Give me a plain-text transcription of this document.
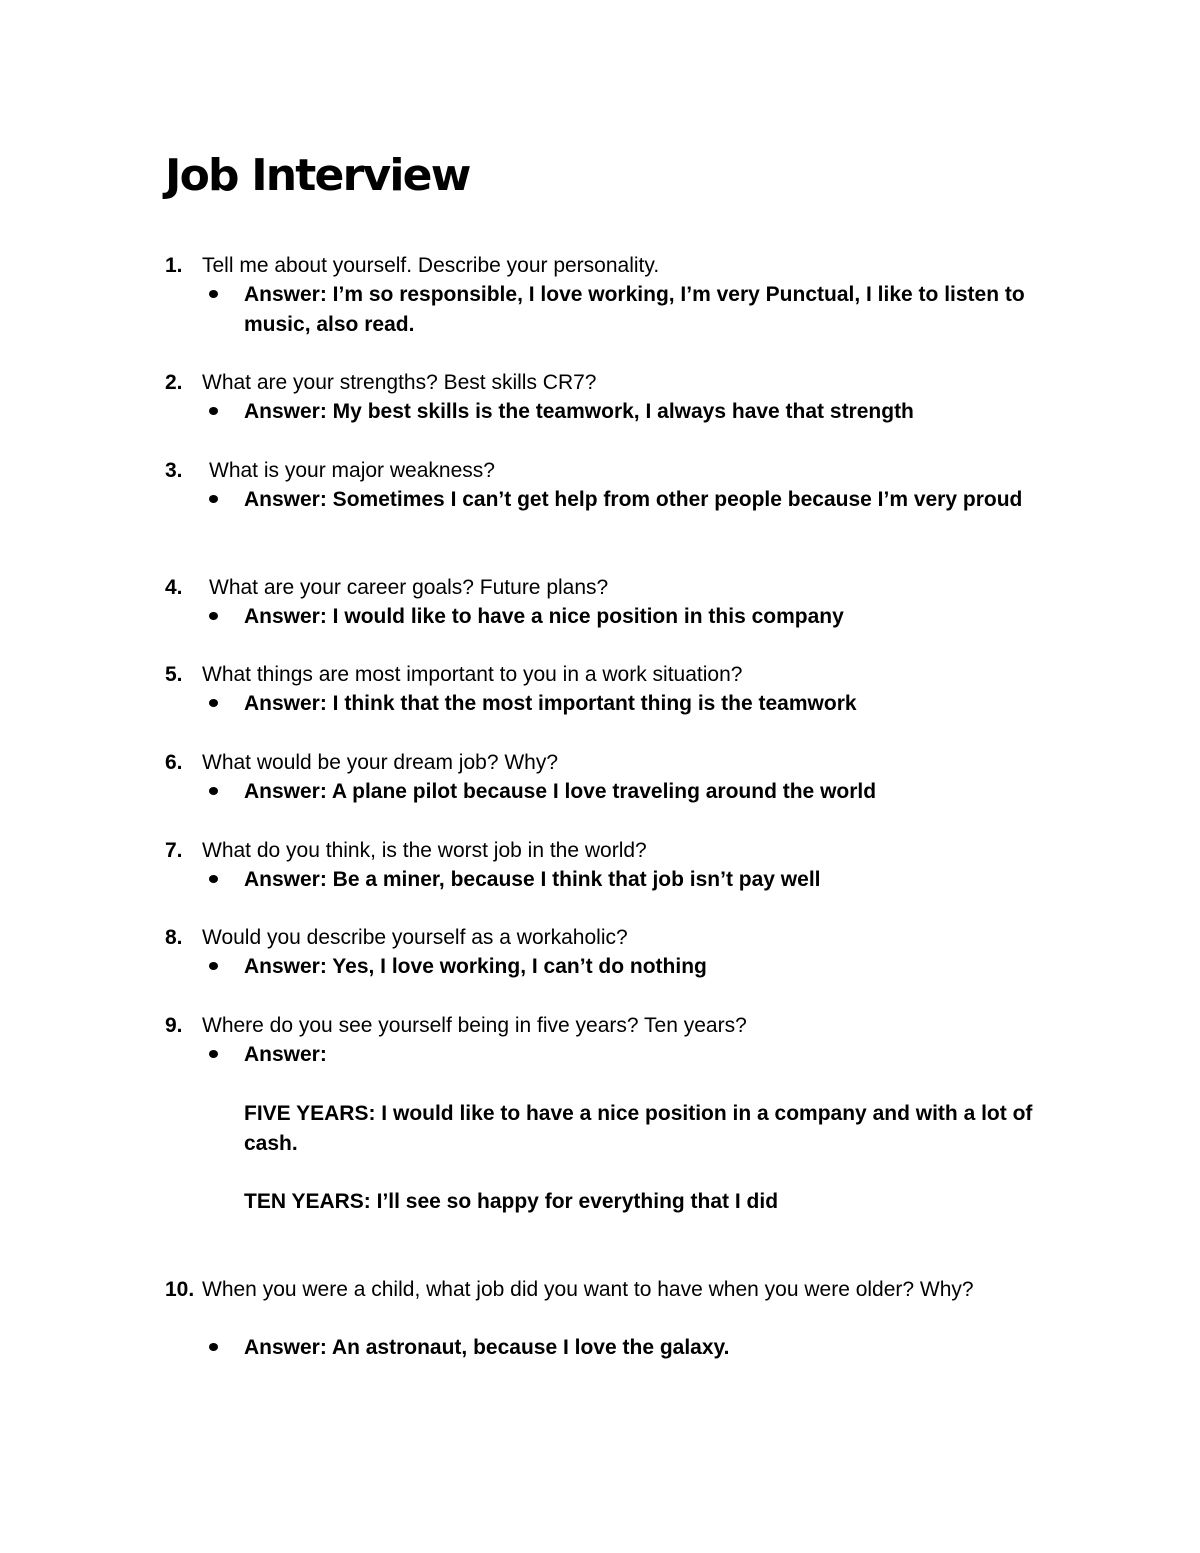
Job Interview
1. Tell me about yourself. Describe your personality.
Answer: I’m so responsible, I love working, I’m very Punctual, I like to listen to music, also read.
2. What are your strengths? Best skills CR7?
Answer: My best skills is the teamwork, I always have that strength
3. What is your major weakness?
Answer: Sometimes I can’t get help from other people because I’m very proud
4. What are your career goals? Future plans?
Answer: I would like to have a nice position in this company
5. What things are most important to you in a work situation?
Answer: I think that the most important thing is the teamwork
6. What would be your dream job? Why?
Answer: A plane pilot because I love traveling around the world
7. What do you think, is the worst job in the world?
Answer: Be a miner, because I think that job isn’t pay well
8. Would you describe yourself as a workaholic?
Answer: Yes, I love working, I can’t do nothing
9. Where do you see yourself being in five years? Ten years?
Answer:
FIVE YEARS: I would like to have a nice position in a company and with a lot of cash.
TEN YEARS: I’ll see so happy for everything that I did
10. When you were a child, what job did you want to have when you were older? Why?
Answer: An astronaut, because I love the galaxy.
